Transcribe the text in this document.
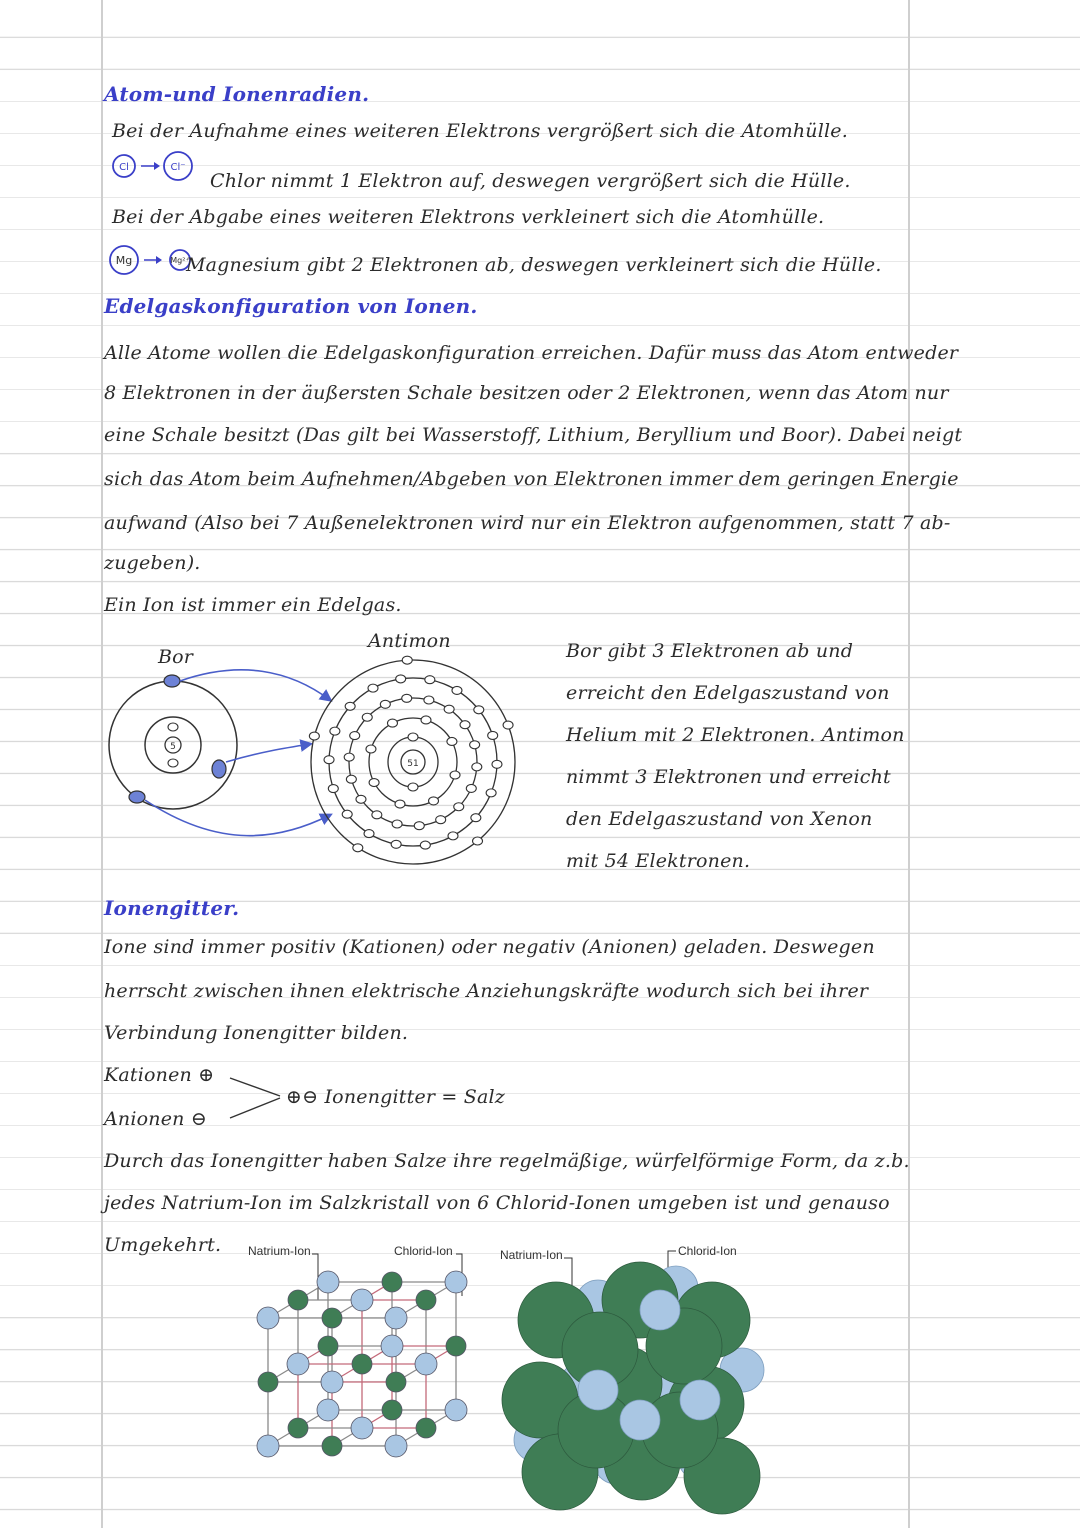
Atom-und Ionenradien.
Bei der Aufnahme eines weiteren Elektrons vergrößert sich die Atomhülle.
Cl	Cl⁻
Chlor nimmt 1 Elektron auf, deswegen vergrößert sich die Hülle.
Bei der Abgabe eines weiteren Elektrons verkleinert sich die Atomhülle.
Mg	Mg²⁺
Magnesium gibt 2 Elektronen ab, deswegen verkleinert sich die Hülle.
Edelgaskonfiguration von Ionen.
Alle Atome wollen die Edelgaskonfiguration erreichen. Dafür muss das Atom entweder
8 Elektronen in der äußersten Schale besitzen oder 2 Elektronen, wenn das Atom nur
eine Schale besitzt (Das gilt bei Wasserstoff, Lithium, Beryllium und Boor). Dabei neigt
sich das Atom beim Aufnehmen/Abgeben von Elektronen immer dem geringen Energie
aufwand (Also bei 7 Außenelektronen wird nur ein Elektron aufgenommen, statt 7 ab-
zugeben).
Ein Ion ist immer ein Edelgas.
Bor
Antimon
5
51
Bor gibt 3 Elektronen ab und
erreicht den Edelgaszustand von
Helium mit 2 Elektronen. Antimon
nimmt 3 Elektronen und erreicht
den Edelgaszustand von Xenon
mit 54 Elektronen.
Ionengitter.
Ione sind immer positiv (Kationen) oder negativ (Anionen) geladen. Deswegen
herrscht zwischen ihnen elektrische Anziehungskräfte wodurch sich bei ihrer
Verbindung Ionengitter bilden.
Kationen ⊕
Anionen ⊖
⊕⊖ Ionengitter = Salz
Durch das Ionengitter haben Salze ihre regelmäßige, würfelförmige Form, da z.b.
jedes Natrium-Ion im Salzkristall von 6 Chlorid-Ionen umgeben ist und genauso
Umgekehrt. Natrium-Ion	Chlorid-Ion	Natrium-Ion	Chlorid-Ion
